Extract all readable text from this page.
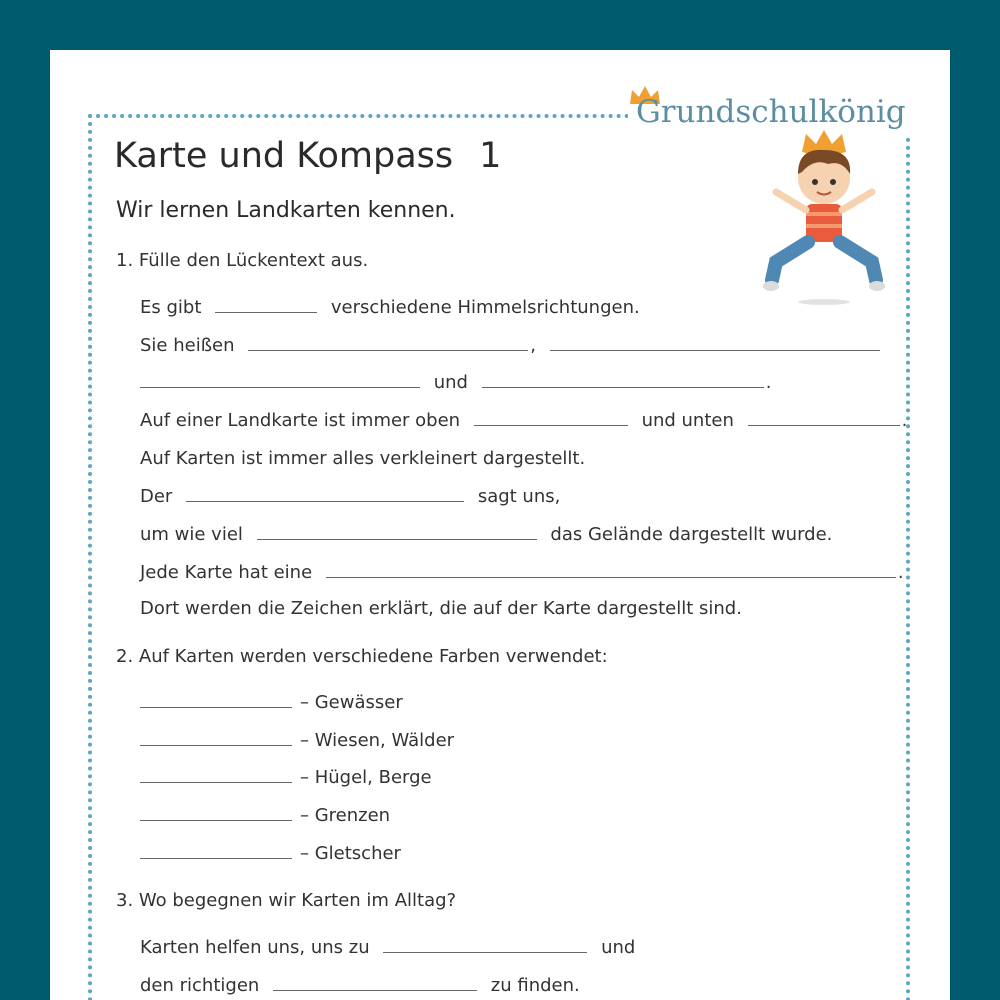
Grundschulkönig
Karte und Kompass 1
Wir lernen Landkarten kennen.
1. Fülle den Lückentext aus.
Es gibt	verschiedene Himmelsrichtungen.
Sie heißen	,
und	.
Auf einer Landkarte ist immer oben	und unten	.
Auf Karten ist immer alles verkleinert dargestellt.
Der	sagt uns,
um wie viel	das Gelände dargestellt wurde.
Jede Karte hat eine	.
Dort werden die Zeichen erklärt, die auf der Karte dargestellt sind.
2. Auf Karten werden verschiedene Farben verwendet:
– Gewässer
– Wiesen, Wälder
– Hügel, Berge
– Grenzen
– Gletscher
3. Wo begegnen wir Karten im Alltag?
Karten helfen uns, uns zu	und
den richtigen	zu finden.
